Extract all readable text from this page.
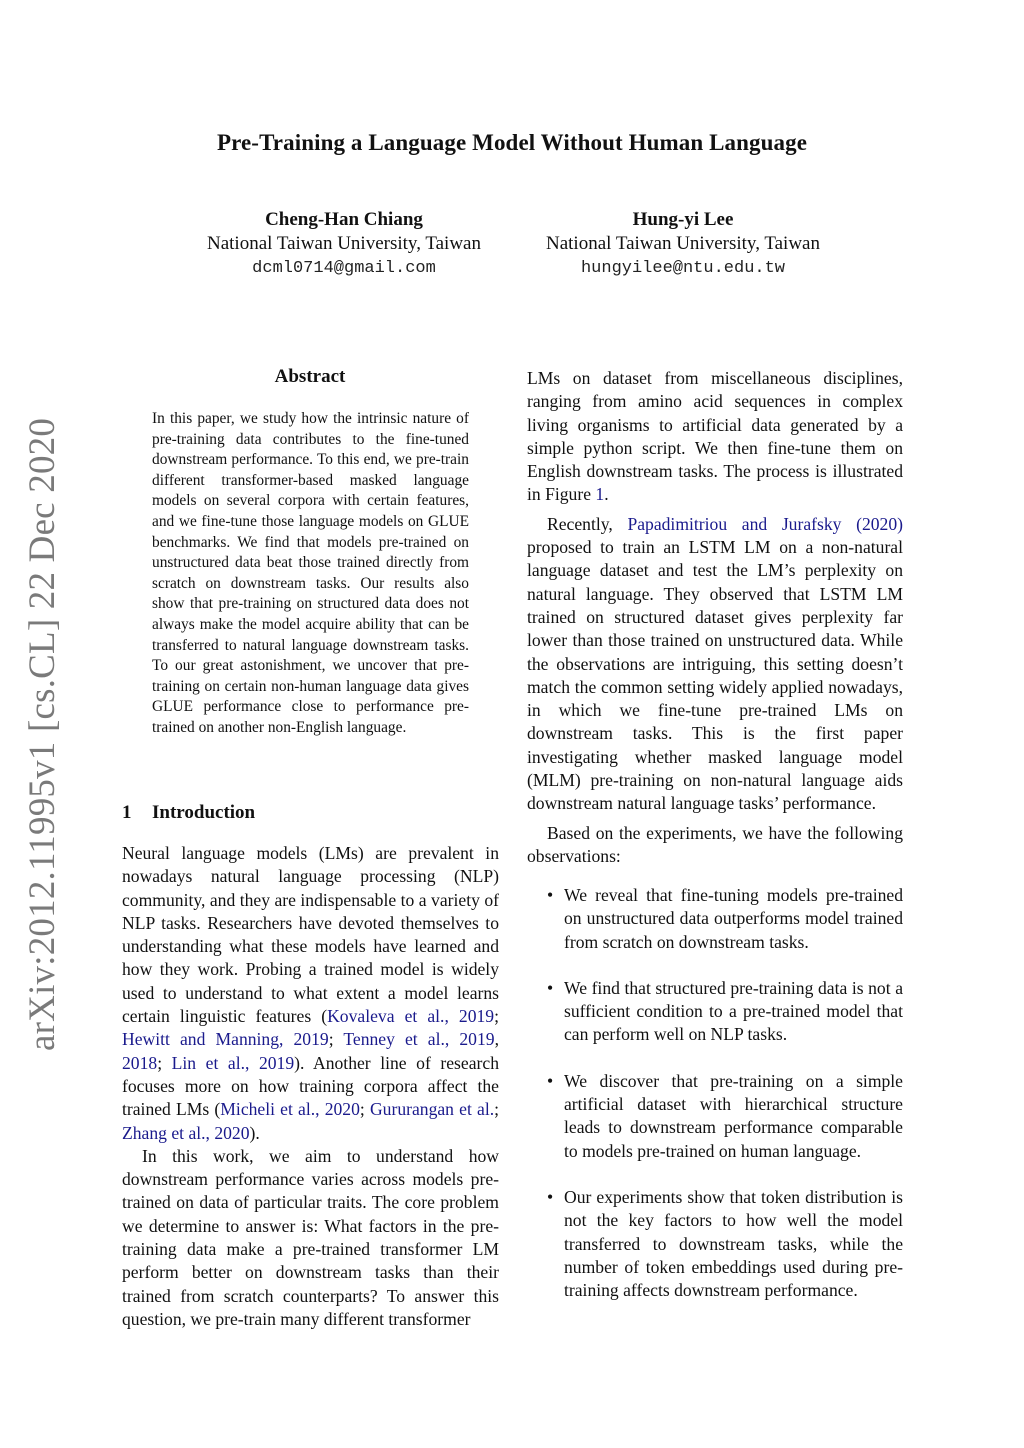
Pre-Training a Language Model Without Human Language
Cheng-Han Chiang
National Taiwan University, Taiwan
dcml0714@gmail.com
Hung-yi Lee
National Taiwan University, Taiwan
hungyilee@ntu.edu.tw
arXiv:2012.11995v1 [cs.CL] 22 Dec 2020
Abstract
In this paper, we study how the intrinsic nature of pre-training data contributes to the fine-tuned downstream performance. To this end, we pre-train different transformer-based masked language models on several corpora with certain features, and we fine-tune those language models on GLUE benchmarks. We find that models pre-trained on unstructured data beat those trained directly from scratch on downstream tasks. Our results also show that pre-training on structured data does not always make the model acquire ability that can be transferred to natural language downstream tasks. To our great astonishment, we uncover that pre-training on certain non-human language data gives GLUE performance close to performance pre-trained on another non-English language.
1 Introduction

Neural language models (LMs) are prevalent in nowadays natural language processing (NLP) community, and they are indispensable to a variety of NLP tasks. Researchers have devoted themselves to understanding what these models have learned and how they work. Probing a trained model is widely used to understand to what extent a model learns certain linguistic features (Kovaleva et al., 2019; Hewitt and Manning, 2019; Tenney et al., 2019, 2018; Lin et al., 2019). Another line of research focuses more on how training corpora affect the trained LMs (Micheli et al., 2020; Gururangan et al.; Zhang et al., 2020).

In this work, we aim to understand how downstream performance varies across models pre-trained on data of particular traits. The core problem we determine to answer is: What factors in the pre-training data make a pre-trained transformer LM perform better on downstream tasks than their trained from scratch counterparts? To answer this question, we pre-train many different transformer

LMs on dataset from miscellaneous disciplines, ranging from amino acid sequences in complex living organisms to artificial data generated by a simple python script. We then fine-tune them on English downstream tasks. The process is illustrated in Figure 1.

Recently, Papadimitriou and Jurafsky (2020) proposed to train an LSTM LM on a non-natural language dataset and test the LM’s perplexity on natural language. They observed that LSTM LM trained on structured dataset gives perplexity far lower than those trained on unstructured data. While the observations are intriguing, this setting doesn’t match the common setting widely applied nowadays, in which we fine-tune pre-trained LMs on downstream tasks. This is the first paper investigating whether masked language model (MLM) pre-training on non-natural language aids downstream natural language tasks’ performance.

Based on the experiments, we have the following observations:

• We reveal that fine-tuning models pre-trained on unstructured data outperforms model trained from scratch on downstream tasks.
• We find that structured pre-training data is not a sufficient condition to a pre-trained model that can perform well on NLP tasks.
• We discover that pre-training on a simple artificial dataset with hierarchical structure leads to downstream performance comparable to models pre-trained on human language.
• Our experiments show that token distribution is not the key factors to how well the model transferred to downstream tasks, while the number of token embeddings used during pre-training affects downstream performance.
